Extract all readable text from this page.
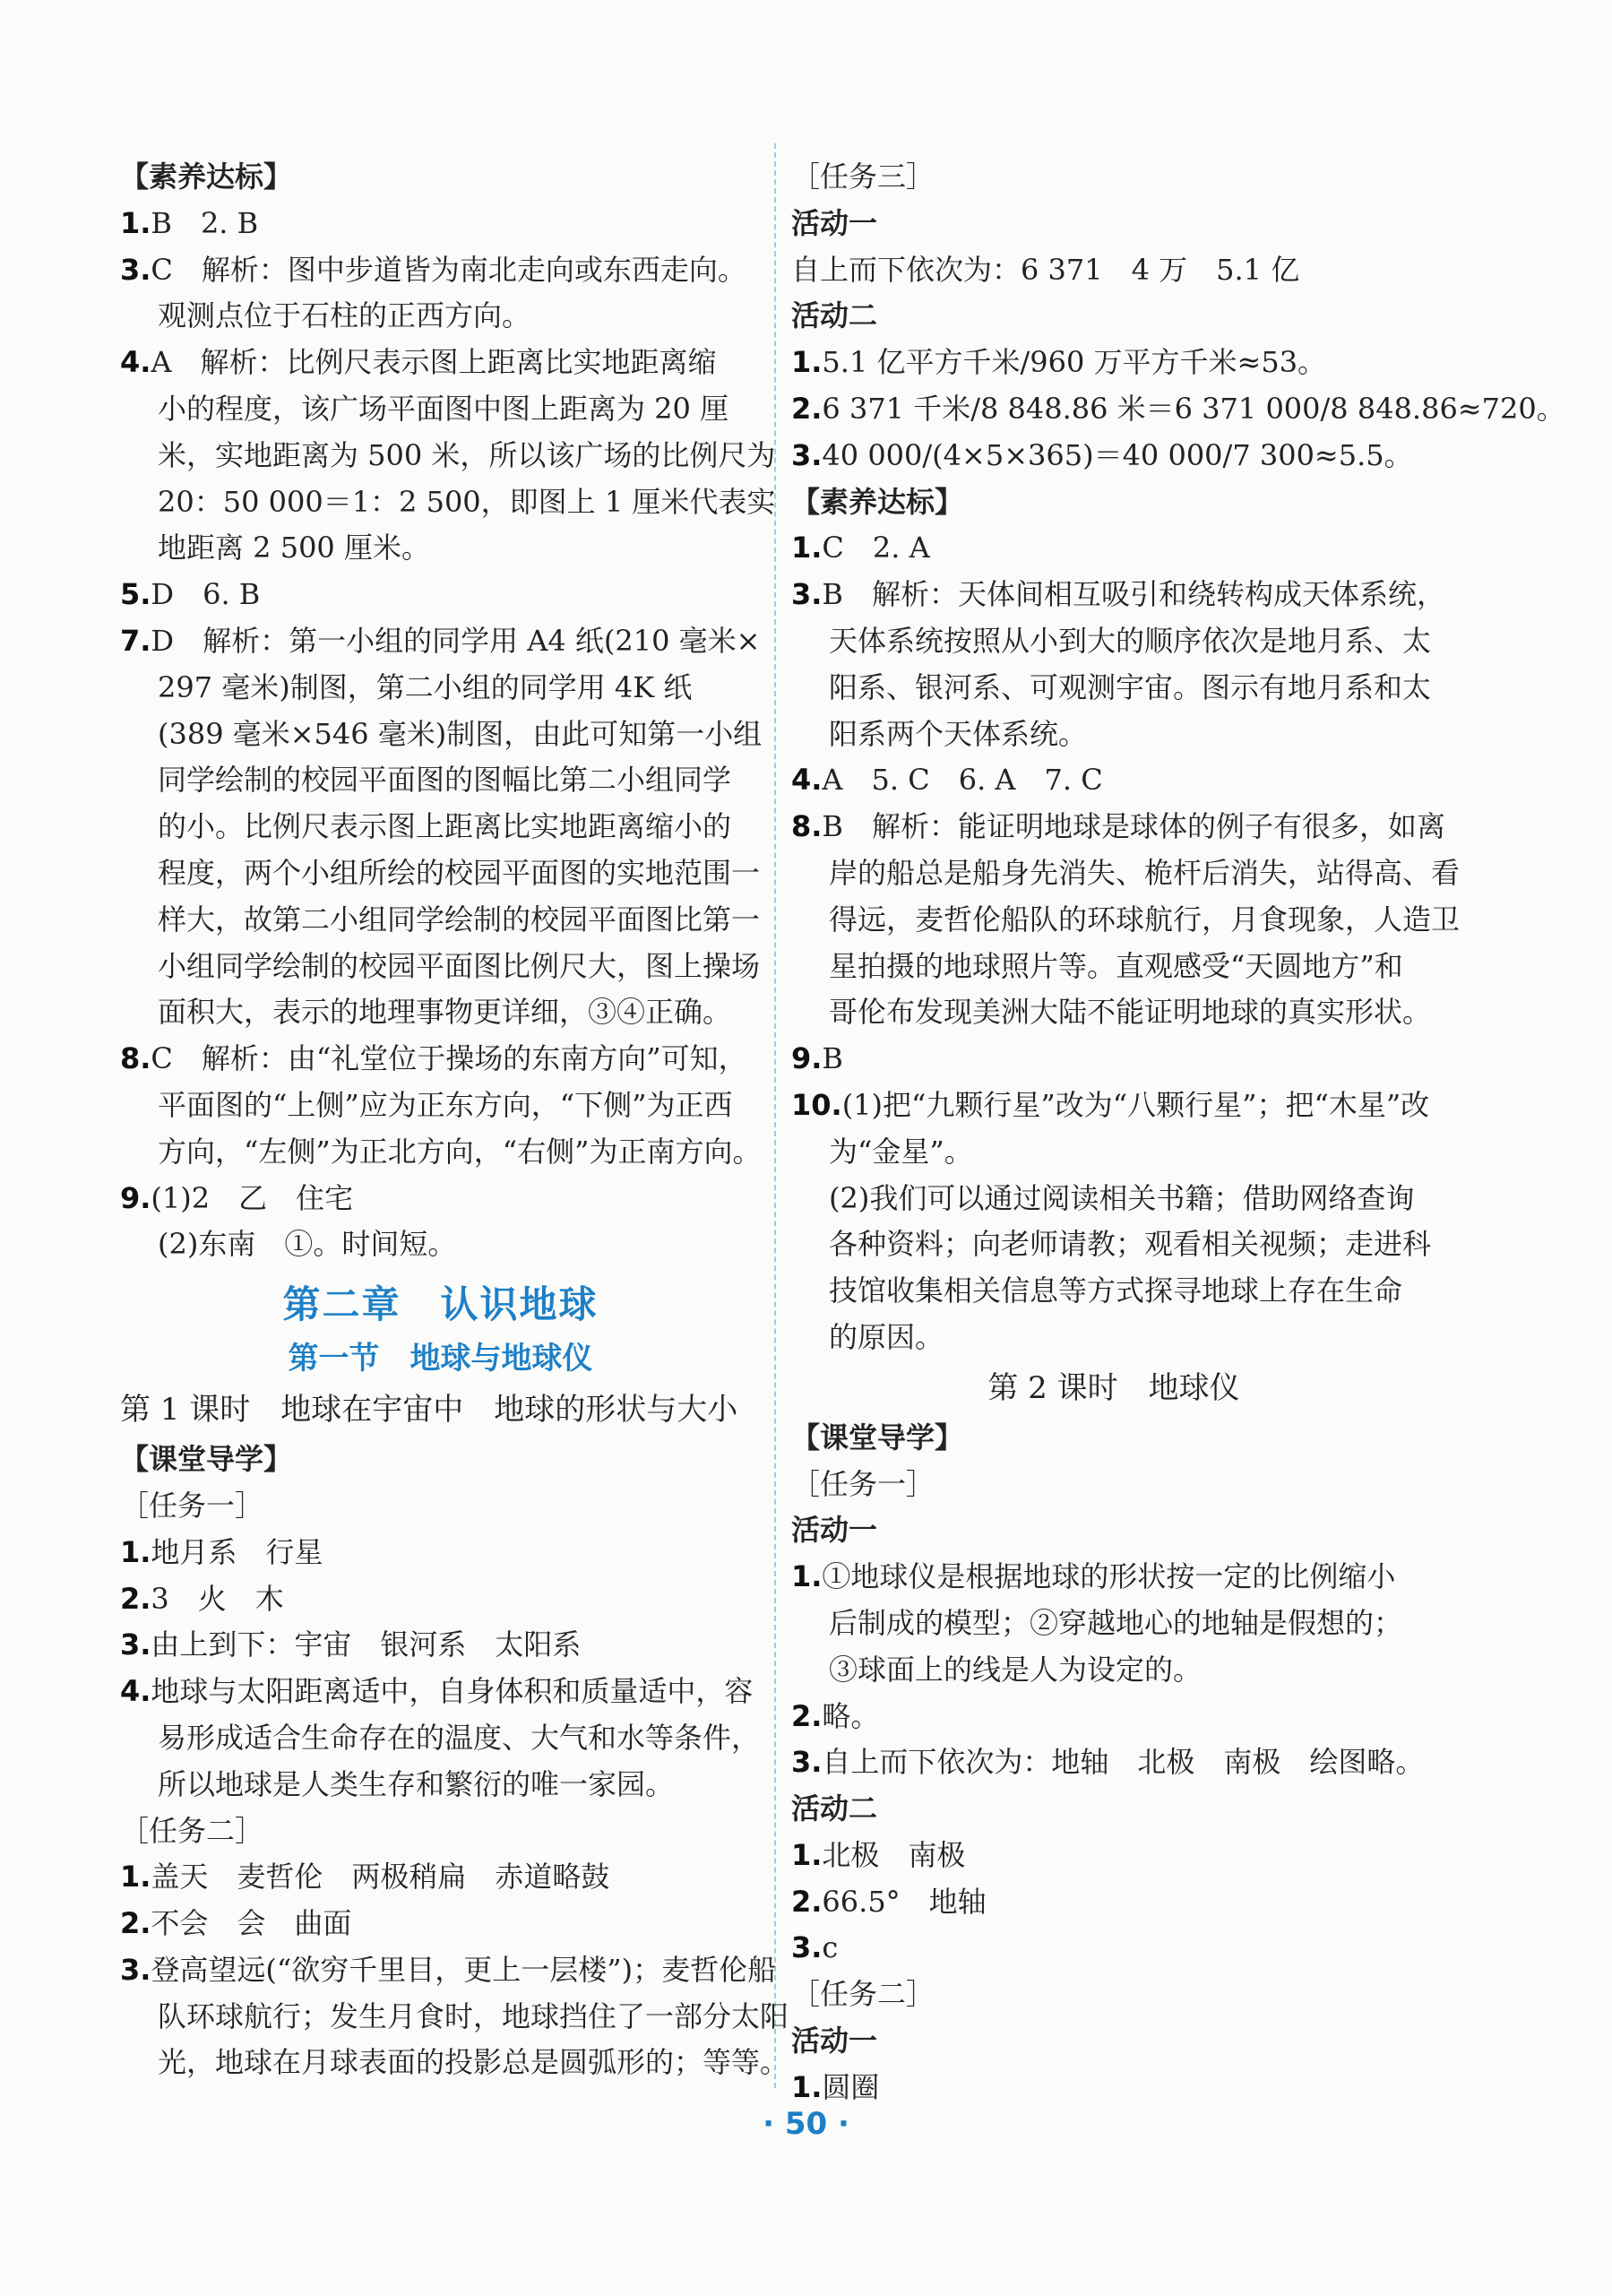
【素养达标】
1.B　2. B
3.C　解析：图中步道皆为南北走向或东西走向。
观测点位于石柱的正西方向。
4.A　解析：比例尺表示图上距离比实地距离缩
小的程度，该广场平面图中图上距离为 20 厘
米，实地距离为 500 米，所以该广场的比例尺为
20：50 000＝1：2 500，即图上 1 厘米代表实
地距离 2 500 厘米。
5.D　6. B
7.D　解析：第一小组的同学用 A4 纸(210 毫米×
297 毫米)制图，第二小组的同学用 4K 纸
(389 毫米×546 毫米)制图，由此可知第一小组
同学绘制的校园平面图的图幅比第二小组同学
的小。比例尺表示图上距离比实地距离缩小的
程度，两个小组所绘的校园平面图的实地范围一
样大，故第二小组同学绘制的校园平面图比第一
小组同学绘制的校园平面图比例尺大，图上操场
面积大，表示的地理事物更详细，③④正确。
8.C　解析：由“礼堂位于操场的东南方向”可知，
平面图的“上侧”应为正东方向，“下侧”为正西
方向，“左侧”为正北方向，“右侧”为正南方向。
9.(1)2　乙　住宅
(2)东南　①。时间短。
第二章　认识地球
第一节　地球与地球仪
第 1 课时　地球在宇宙中　地球的形状与大小
【课堂导学】
［任务一］
1.地月系　行星
2.3　火　木
3.由上到下：宇宙　银河系　太阳系
4.地球与太阳距离适中，自身体积和质量适中，容
易形成适合生命存在的温度、大气和水等条件，
所以地球是人类生存和繁衍的唯一家园。
［任务二］
1.盖天　麦哲伦　两极稍扁　赤道略鼓
2.不会　会　曲面
3.登高望远(“欲穷千里目，更上一层楼”)；麦哲伦船
队环球航行；发生月食时，地球挡住了一部分太阳
光，地球在月球表面的投影总是圆弧形的；等等。
［任务三］
活动一
自上而下依次为：6 371　4 万　5.1 亿
活动二
1.5.1 亿平方千米/960 万平方千米≈53。
2.6 371 千米/8 848.86 米＝6 371 000/8 848.86≈720。
3.40 000/(4×5×365)＝40 000/7 300≈5.5。
【素养达标】
1.C　2. A
3.B　解析：天体间相互吸引和绕转构成天体系统，
天体系统按照从小到大的顺序依次是地月系、太
阳系、银河系、可观测宇宙。图示有地月系和太
阳系两个天体系统。
4.A　5. C　6. A　7. C
8.B　解析：能证明地球是球体的例子有很多，如离
岸的船总是船身先消失、桅杆后消失，站得高、看
得远，麦哲伦船队的环球航行，月食现象，人造卫
星拍摄的地球照片等。直观感受“天圆地方”和
哥伦布发现美洲大陆不能证明地球的真实形状。
9.B
10.(1)把“九颗行星”改为“八颗行星”；把“木星”改
为“金星”。
(2)我们可以通过阅读相关书籍；借助网络查询
各种资料；向老师请教；观看相关视频；走进科
技馆收集相关信息等方式探寻地球上存在生命
的原因。
第 2 课时　地球仪
【课堂导学】
［任务一］
活动一
1.①地球仪是根据地球的形状按一定的比例缩小
后制成的模型；②穿越地心的地轴是假想的；
③球面上的线是人为设定的。
2.略。
3.自上而下依次为：地轴　北极　南极　绘图略。
活动二
1.北极　南极
2.66.5°　地轴
3.c
［任务二］
活动一
1.圆圈
· 50 ·
